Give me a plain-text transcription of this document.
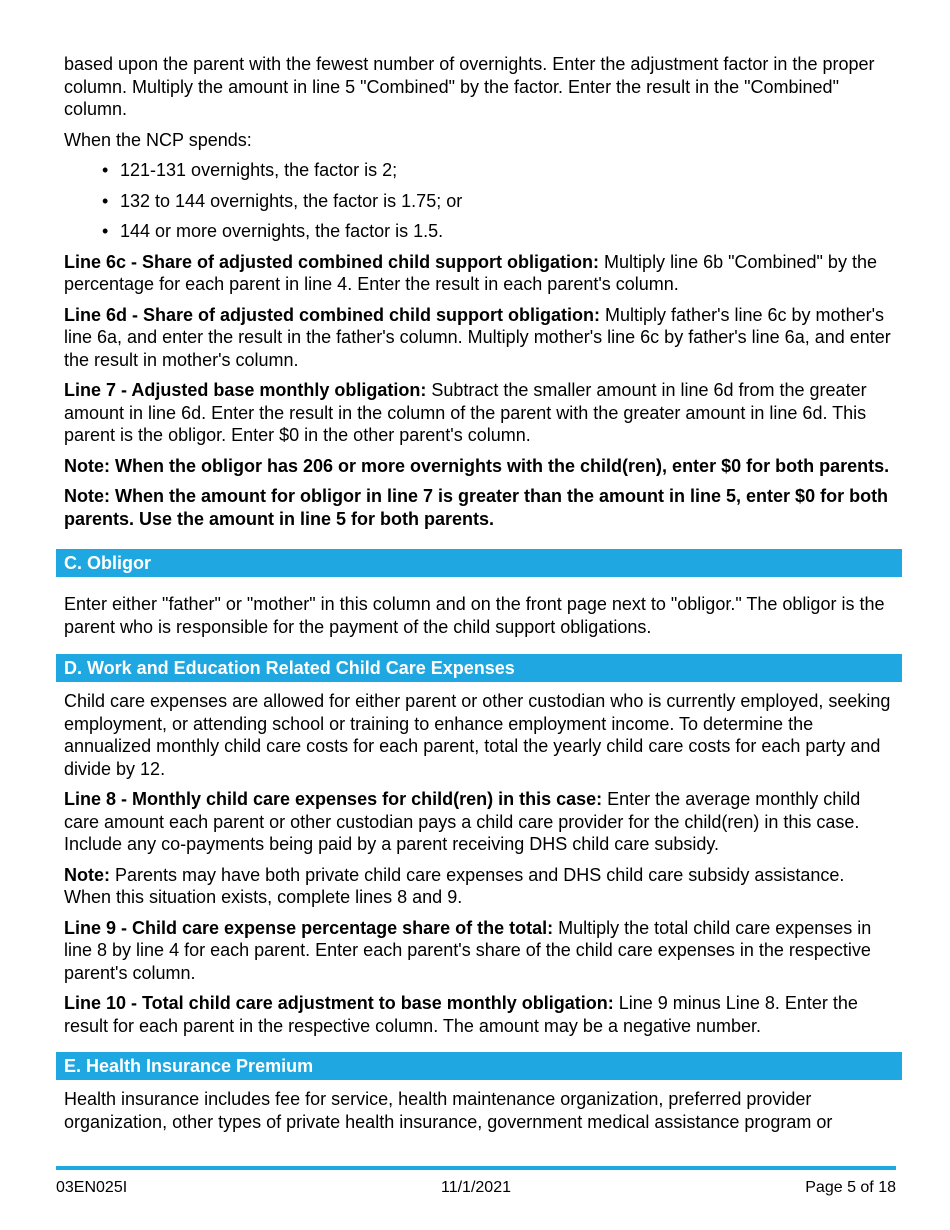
based upon the parent with the fewest number of overnights. Enter the adjustment factor in the proper column. Multiply the amount in line 5 "Combined" by the factor. Enter the result in the "Combined" column.

When the NCP spends:

• 121-131 overnights, the factor is 2;
• 132 to 144 overnights, the factor is 1.75; or
• 144 or more overnights, the factor is 1.5.

Line 6c - Share of adjusted combined child support obligation: Multiply line 6b "Combined" by the percentage for each parent in line 4. Enter the result in each parent's column.

Line 6d - Share of adjusted combined child support obligation: Multiply father's line 6c by mother's line 6a, and enter the result in the father's column. Multiply mother's line 6c by father's line 6a, and enter the result in mother's column.

Line 7 - Adjusted base monthly obligation: Subtract the smaller amount in line 6d from the greater amount in line 6d. Enter the result in the column of the parent with the greater amount in line 6d. This parent is the obligor. Enter $0 in the other parent's column.

Note: When the obligor has 206 or more overnights with the child(ren), enter $0 for both parents.

Note: When the amount for obligor in line 7 is greater than the amount in line 5, enter $0 for both parents. Use the amount in line 5 for both parents.

C. Obligor

Enter either "father" or "mother" in this column and on the front page next to "obligor." The obligor is the parent who is responsible for the payment of the child support obligations.

D. Work and Education Related Child Care Expenses

Child care expenses are allowed for either parent or other custodian who is currently employed, seeking employment, or attending school or training to enhance employment income. To determine the annualized monthly child care costs for each parent, total the yearly child care costs for each party and divide by 12.

Line 8 - Monthly child care expenses for child(ren) in this case: Enter the average monthly child care amount each parent or other custodian pays a child care provider for the child(ren) in this case. Include any co-payments being paid by a parent receiving DHS child care subsidy.

Note: Parents may have both private child care expenses and DHS child care subsidy assistance. When this situation exists, complete lines 8 and 9.

Line 9 - Child care expense percentage share of the total: Multiply the total child care expenses in line 8 by line 4 for each parent. Enter each parent's share of the child care expenses in the respective parent's column.

Line 10 - Total child care adjustment to base monthly obligation: Line 9 minus Line 8. Enter the result for each parent in the respective column. The amount may be a negative number.

E. Health Insurance Premium

Health insurance includes fee for service, health maintenance organization, preferred provider organization, other types of private health insurance, government medical assistance program or

03EN025I	11/1/2021	Page 5 of 18
